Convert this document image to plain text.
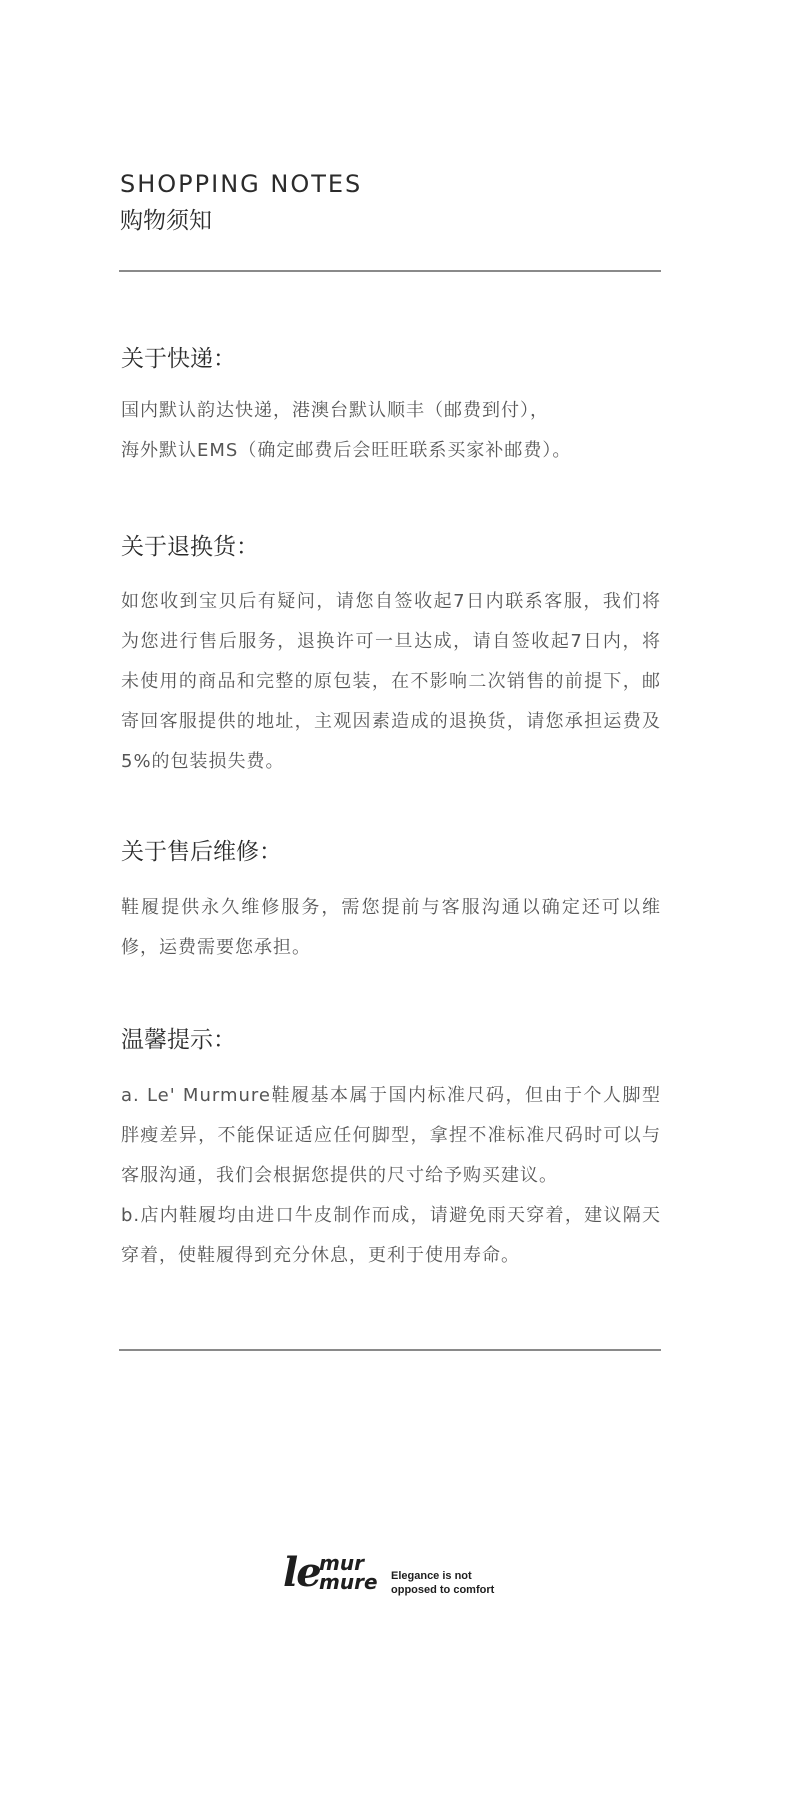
SHOPPING NOTES
购物须知
关于快递：

国内默认韵达快递，港澳台默认顺丰（邮费到付），

海外默认EMS（确定邮费后会旺旺联系买家补邮费）。

关于退换货：

如您收到宝贝后有疑问，请您自签收起7日内联系客服，我们将为您进行售后服务，退换许可一旦达成，请自签收起7日内，将未使用的商品和完整的原包装，在不影响二次销售的前提下，邮寄回客服提供的地址，主观因素造成的退换货，请您承担运费及5%的包装损失费。

关于售后维修：

鞋履提供永久维修服务，需您提前与客服沟通以确定还可以维修，运费需要您承担。

温馨提示：

a. Le' Murmure鞋履基本属于国内标准尺码，但由于个人脚型胖瘦差异，不能保证适应任何脚型，拿捏不准标准尺码时可以与客服沟通，我们会根据您提供的尺寸给予购买建议。

b.店内鞋履均由进口牛皮制作而成，请避免雨天穿着，建议隔天穿着，使鞋履得到充分休息，更利于使用寿命。

le mur
mure Elegance is not
opposed to comfort
